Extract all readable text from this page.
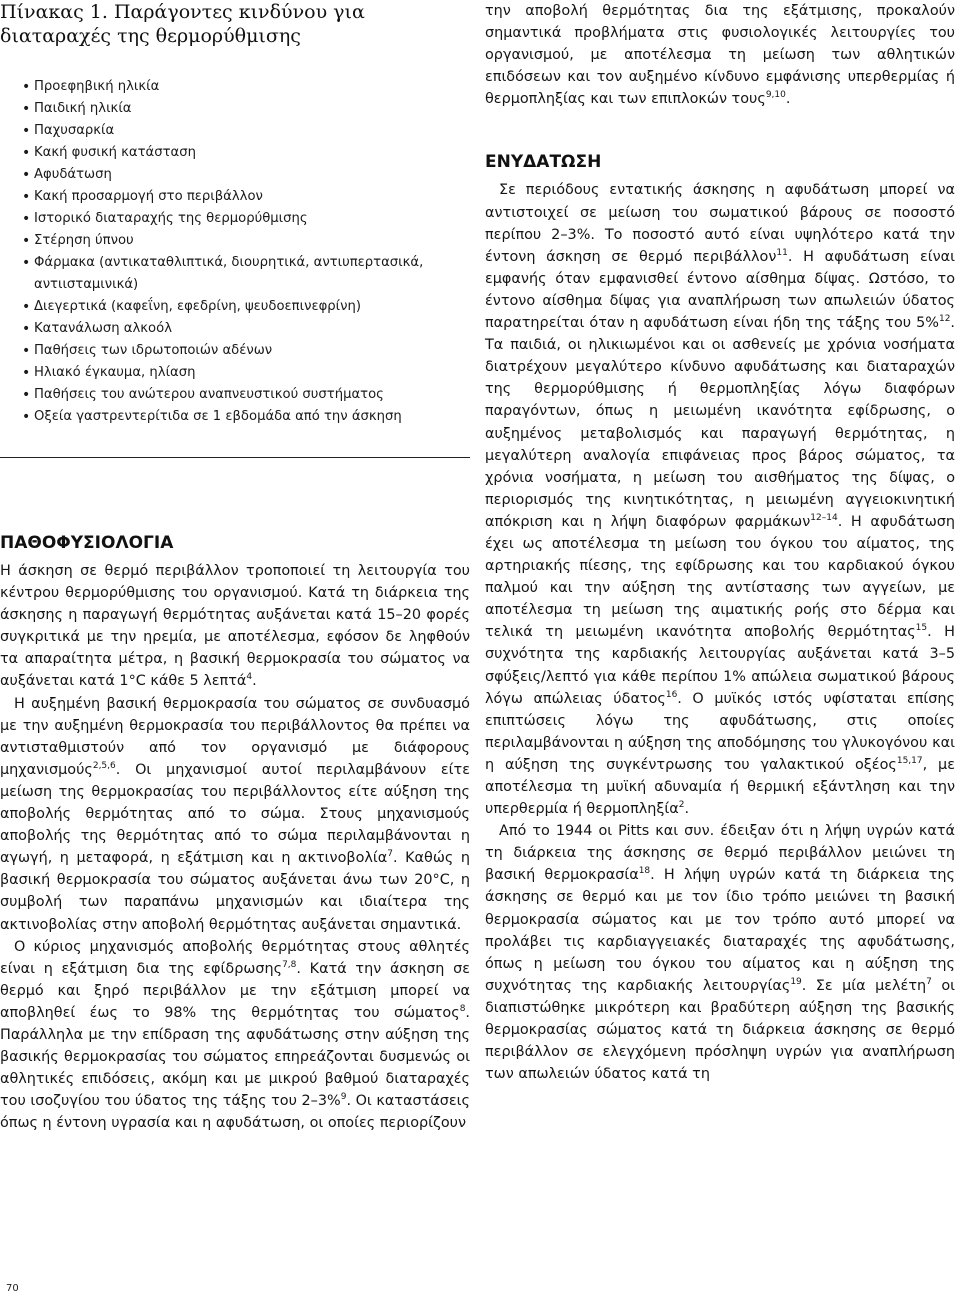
Πίνακας 1. Παράγοντες κινδύνου για
διαταραχές της θερμορύθμισης
• Προεφηβική ηλικία
• Παιδική ηλικία
• Παχυσαρκία
• Κακή φυσική κατάσταση
• Αφυδάτωση
• Κακή προσαρμογή στο περιβάλλον
• Ιστορικό διαταραχής της θερμορύθμισης
• Στέρηση ύπνου
• Φάρμακα (αντικαταθλιπτικά, διουρητικά, αντιυπερτασικά,
αντιισταμινικά)
• Διεγερτικά (καφεΐνη, εφεδρίνη, ψευδοεπινεφρίνη)
• Κατανάλωση αλκοόλ
• Παθήσεις των ιδρωτοποιών αδένων
• Ηλιακό έγκαυμα, ηλίαση
• Παθήσεις του ανώτερου αναπνευστικού συστήματος
• Οξεία γαστρεντερίτιδα σε 1 εβδομάδα από την άσκηση
ΠΑΘΟΦΥΣΙΟΛΟΓΙΑ
Η άσκηση σε θερμό περιβάλλον τροποποιεί τη λειτουργία του κέντρου θερμορύθμισης του οργανισμού. Κατά τη διάρκεια της άσκησης η παραγωγή θερμότητας αυξάνεται κατά 15–20 φορές συγκριτικά με την ηρεμία, με αποτέλεσμα, εφόσον δε ληφθούν τα απαραίτητα μέτρα, η βασική θερμοκρασία του σώματος να αυξάνεται κατά 1°C κάθε 5 λεπτά$^4$.
Η αυξημένη βασική θερμοκρασία του σώματος σε συνδυασμό με την αυξημένη θερμοκρασία του περιβάλλοντος θα πρέπει να αντισταθμιστούν από τον οργανισμό με διάφορους μηχανισμούς$^{2,5,6}$. Οι μηχανισμοί αυτοί περιλαμβάνουν είτε μείωση της θερμοκρασίας του περιβάλλοντος είτε αύξηση της αποβολής θερμότητας από το σώμα. Στους μηχανισμούς αποβολής της θερμότητας από το σώμα περιλαμβάνονται η αγωγή, η μεταφορά, η εξάτμιση και η ακτινοβολία$^7$. Καθώς η βασική θερμοκρασία του σώματος αυξάνεται άνω των 20°C, η συμβολή των παραπάνω μηχανισμών και ιδιαίτερα της ακτινοβολίας στην αποβολή θερμότητας αυξάνεται σημαντικά.
Ο κύριος μηχανισμός αποβολής θερμότητας στους αθλητές είναι η εξάτμιση δια της εφίδρωσης$^{7,8}$. Κατά την άσκηση σε θερμό και ξηρό περιβάλλον με την εξάτμιση μπορεί να αποβληθεί έως το 98% της θερμότητας του σώματος$^8$. Παράλληλα με την επίδραση της αφυδάτωσης στην αύξηση της βασικής θερμοκρασίας του σώματος επηρεάζονται δυσμενώς οι αθλητικές επιδόσεις, ακόμη και με μικρού βαθμού διαταραχές του ισοζυγίου του ύδατος της τάξης του 2–3%$^9$. Οι καταστάσεις όπως η έντονη υγρασία και η αφυδάτωση, οι οποίες περιορίζουν
την αποβολή θερμότητας δια της εξάτμισης, προκαλούν σημαντικά προβλήματα στις φυσιολογικές λειτουργίες του οργανισμού, με αποτέλεσμα τη μείωση των αθλητικών επιδόσεων και τον αυξημένο κίνδυνο εμφάνισης υπερθερμίας ή θερμοπληξίας και των επιπλοκών τους$^{9,10}$.
ΕΝΥΔΑΤΩΣΗ
Σε περιόδους εντατικής άσκησης η αφυδάτωση μπορεί να αντιστοιχεί σε μείωση του σωματικού βάρους σε ποσοστό περίπου 2–3%. Το ποσοστό αυτό είναι υψηλότερο κατά την έντονη άσκηση σε θερμό περιβάλλον$^{11}$. Η αφυδάτωση είναι εμφανής όταν εμφανισθεί έντονο αίσθημα δίψας. Ωστόσο, το έντονο αίσθημα δίψας για αναπλήρωση των απωλειών ύδατος παρατηρείται όταν η αφυδάτωση είναι ήδη της τάξης του 5%$^{12}$. Τα παιδιά, οι ηλικιωμένοι και οι ασθενείς με χρόνια νοσήματα διατρέχουν μεγαλύτερο κίνδυνο αφυδάτωσης και διαταραχών της θερμορύθμισης ή θερμοπληξίας λόγω διαφόρων παραγόντων, όπως η μειωμένη ικανότητα εφίδρωσης, ο αυξημένος μεταβολισμός και παραγωγή θερμότητας, η μεγαλύτερη αναλογία επιφάνειας προς βάρος σώματος, τα χρόνια νοσήματα, η μείωση του αισθήματος της δίψας, ο περιορισμός της κινητικότητας, η μειωμένη αγγειοκινητική απόκριση και η λήψη διαφόρων φαρμάκων$^{12-14}$. Η αφυδάτωση έχει ως αποτέλεσμα τη μείωση του όγκου του αίματος, της αρτηριακής πίεσης, της εφίδρωσης και του καρδιακού όγκου παλμού και την αύξηση της αντίστασης των αγγείων, με αποτέλεσμα τη μείωση της αιματικής ροής στο δέρμα και τελικά τη μειωμένη ικανότητα αποβολής θερμότητας$^{15}$. Η συχνότητα της καρδιακής λειτουργίας αυξάνεται κατά 3–5 σφύξεις/λεπτό για κάθε περίπου 1% απώλεια σωματικού βάρους λόγω απώλειας ύδατος$^{16}$. Ο μυϊκός ιστός υφίσταται επίσης επιπτώσεις λόγω της αφυδάτωσης, στις οποίες περιλαμβάνονται η αύξηση της αποδόμησης του γλυκογόνου και η αύξηση της συγκέντρωσης του γαλακτικού οξέος$^{15,17}$, με αποτέλεσμα τη μυϊκή αδυναμία ή θερμική εξάντληση και την υπερθερμία ή θερμοπληξία$^2$.
Από το 1944 οι Pitts και συν. έδειξαν ότι η λήψη υγρών κατά τη διάρκεια της άσκησης σε θερμό περιβάλλον μειώνει τη βασική θερμοκρασία$^{18}$. Η λήψη υγρών κατά τη διάρκεια της άσκησης σε θερμό και με τον ίδιο τρόπο μειώνει τη βασική θερμοκρασία σώματος και με τον τρόπο αυτό μπορεί να προλάβει τις καρδιαγγειακές διαταραχές της αφυδάτωσης, όπως η μείωση του όγκου του αίματος και η αύξηση της συχνότητας της καρδιακής λειτουργίας$^{19}$. Σε μία μελέτη$^7$ οι διαπιστώθηκε μικρότερη και βραδύτερη αύξηση της βασικής θερμοκρασίας σώματος κατά τη διάρκεια άσκησης σε θερμό περιβάλλον σε ελεγχόμενη πρόσληψη υγρών για αναπλήρωση των απωλειών ύδατος κατά τη
70
